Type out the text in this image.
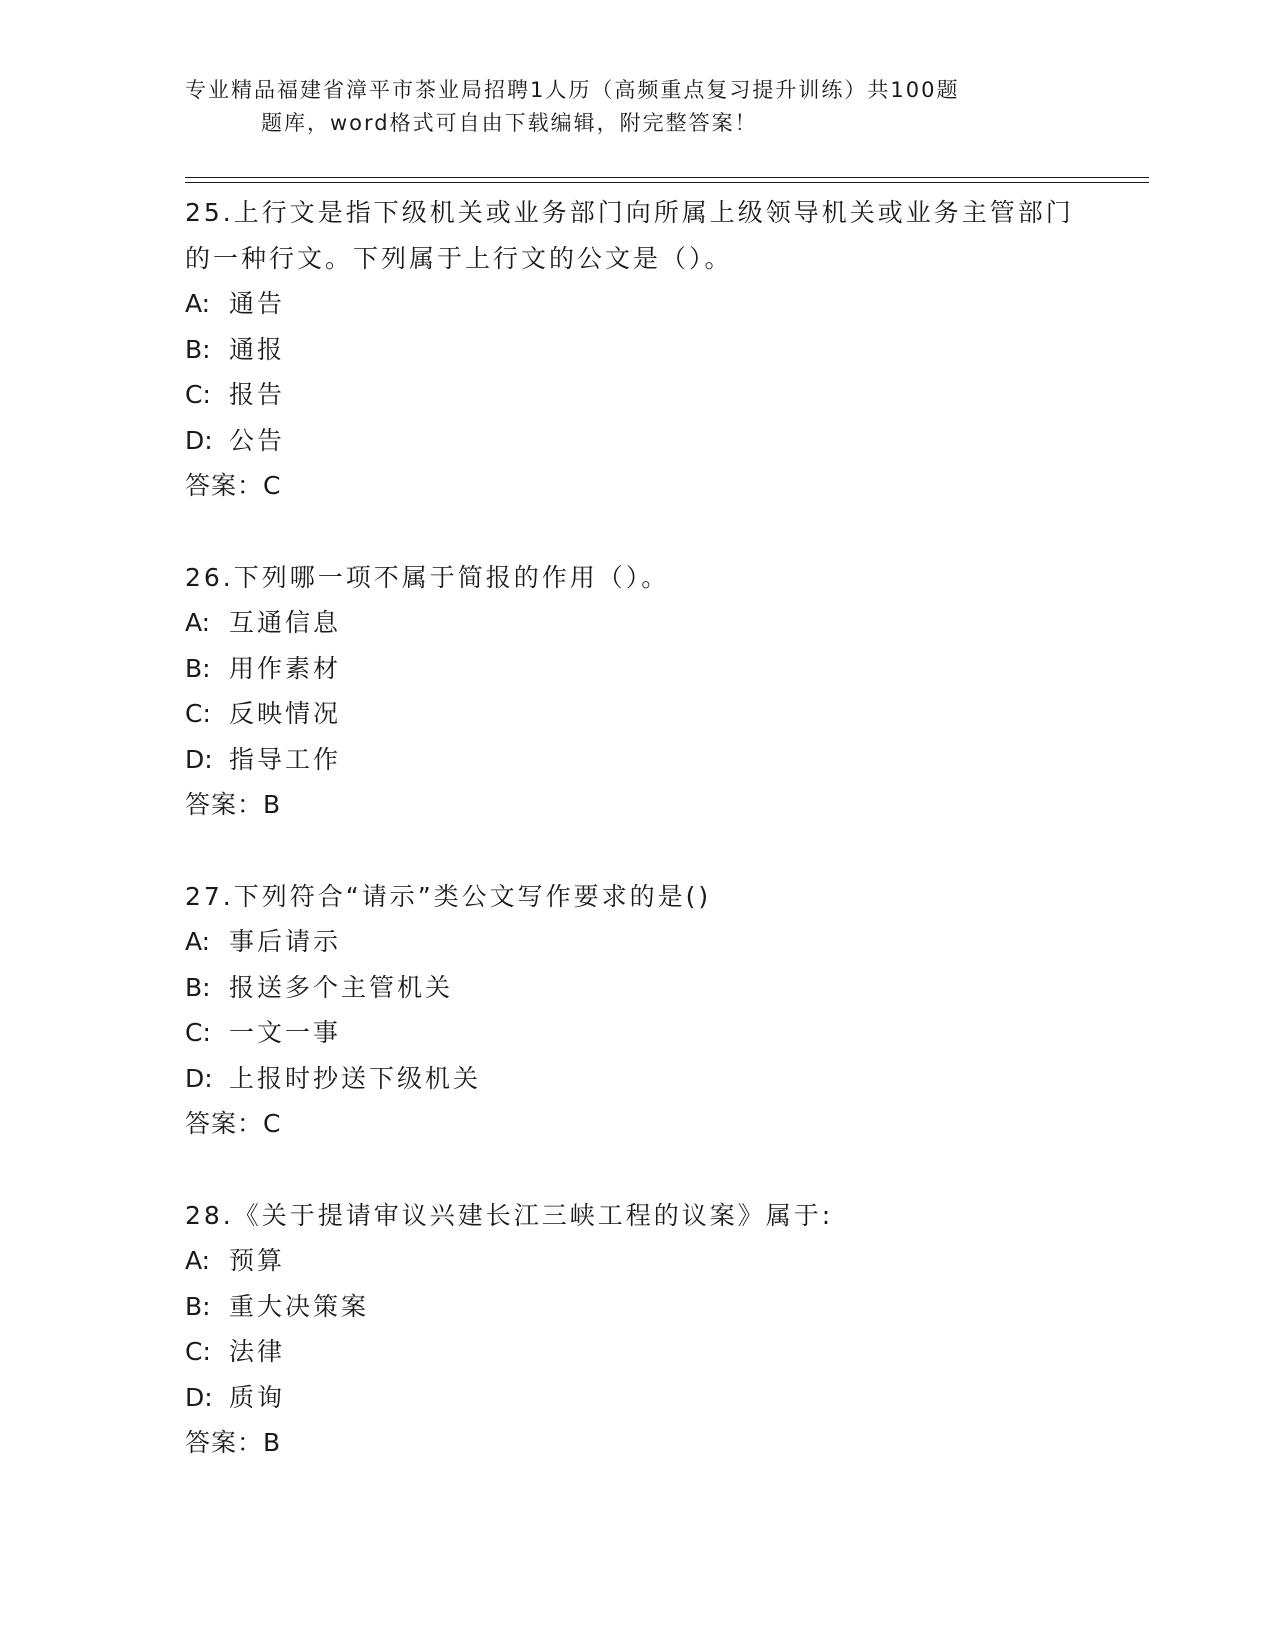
专业精品福建省漳平市茶业局招聘1人历（高频重点复习提升训练）共100题
题库，word格式可自由下载编辑，附完整答案！
25.上行文是指下级机关或业务部门向所属上级领导机关或业务主管部门的一种行文。下列属于上行文的公文是（）。
A: 通告
B: 通报
C: 报告
D: 公告
答案：C
26.下列哪一项不属于简报的作用（）。
A: 互通信息
B: 用作素材
C: 反映情况
D: 指导工作
答案：B
27.下列符合“请示”类公文写作要求的是()
A: 事后请示
B: 报送多个主管机关
C: 一文一事
D: 上报时抄送下级机关
答案：C
28.《关于提请审议兴建长江三峡工程的议案》属于:
A: 预算
B: 重大决策案
C: 法律
D: 质询
答案：B
